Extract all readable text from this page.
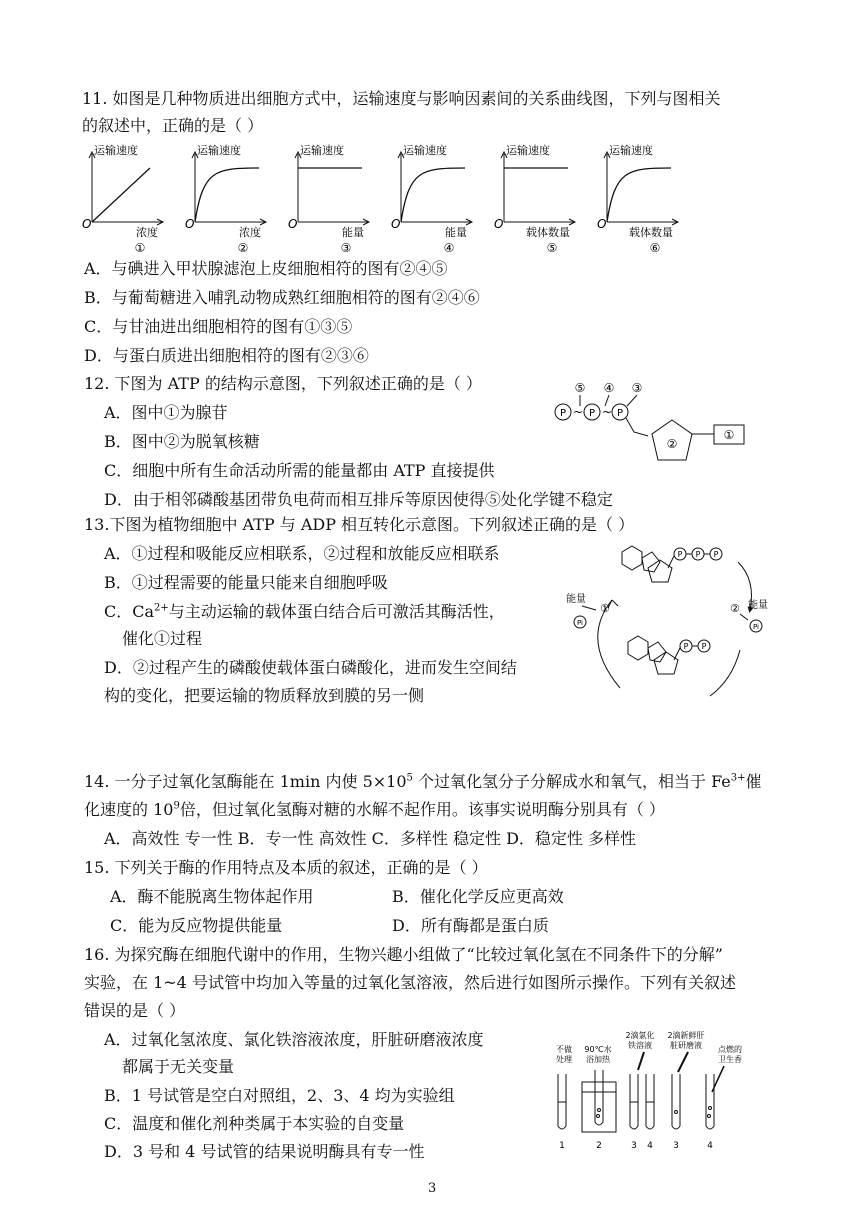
11. 如图是几种物质进出细胞方式中，运输速度与影响因素间的关系曲线图，下列与图相关
的叙述中，正确的是（ ）
运输速度
O
浓度
①
运输速度
O
浓度
②
运输速度
O
能量
③
运输速度
O
能量
④
运输速度
O
载体数量
⑤
运输速度
O
载体数量
⑥
A．与碘进入甲状腺滤泡上皮细胞相符的图有②④⑤
B．与葡萄糖进入哺乳动物成熟红细胞相符的图有②④⑥
C．与甘油进出细胞相符的图有①③⑤
D．与蛋白质进出细胞相符的图有②③⑥
12. 下图为 ATP 的结构示意图，下列叙述正确的是（ ）
A．图中①为腺苷
B．图中②为脱氧核糖
C．细胞中所有生命活动所需的能量都由 ATP 直接提供
D．由于相邻磷酸基团带负电荷而相互排斥等原因使得⑤处化学键不稳定
⑤ ④ ③
P ~ P ~ P
②
①
13.下图为植物细胞中 ATP 与 ADP 相互转化示意图。下列叙述正确的是（ ）
A．①过程和吸能反应相联系，②过程和放能反应相联系
B．①过程需要的能量只能来自细胞呼吸
C．$Ca^{2+}$与主动运输的载体蛋白结合后可激活其酶活性，
催化①过程
D．②过程产生的磷酸使载体蛋白磷酸化，进而发生空间结
构的变化，把要运输的物质释放到膜的另一侧
P P P
能量
①
Pi
② 能量
Pi
P P
14. 一分子过氧化氢酶能在 1min 内使 $5\times 10^5$ 个过氧化氢分子分解成水和氧气，相当于 $Fe^{3+}$催
化速度的 $10^9$倍，但过氧化氢酶对糖的水解不起作用。该事实说明酶分别具有（ ）
A．高效性 专一性 B．专一性 高效性 C．多样性 稳定性 D．稳定性 多样性
15. 下列关于酶的作用特点及本质的叙述，正确的是（ ）
A．酶不能脱离生物体起作用	B．催化化学反应更高效
C．能为反应物提供能量	D．所有酶都是蛋白质
16. 为探究酶在细胞代谢中的作用，生物兴趣小组做了“比较过氧化氢在不同条件下的分解”
实验，在 1~4 号试管中均加入等量的过氧化氢溶液，然后进行如图所示操作。下列有关叙述
错误的是（ ）
A．过氧化氢浓度、氯化铁溶液浓度，肝脏研磨液浓度
都属于无关变量
B．1 号试管是空白对照组，2、3、4 均为实验组
C．温度和催化剂种类属于本实验的自变量
D．3 号和 4 号试管的结果说明酶具有专一性
不做
处理
90℃水
浴加热
2滴氯化
铁溶液
2滴新鲜肝
脏研磨液 点燃的
卫生香
1	2	3 4 3	4
3
